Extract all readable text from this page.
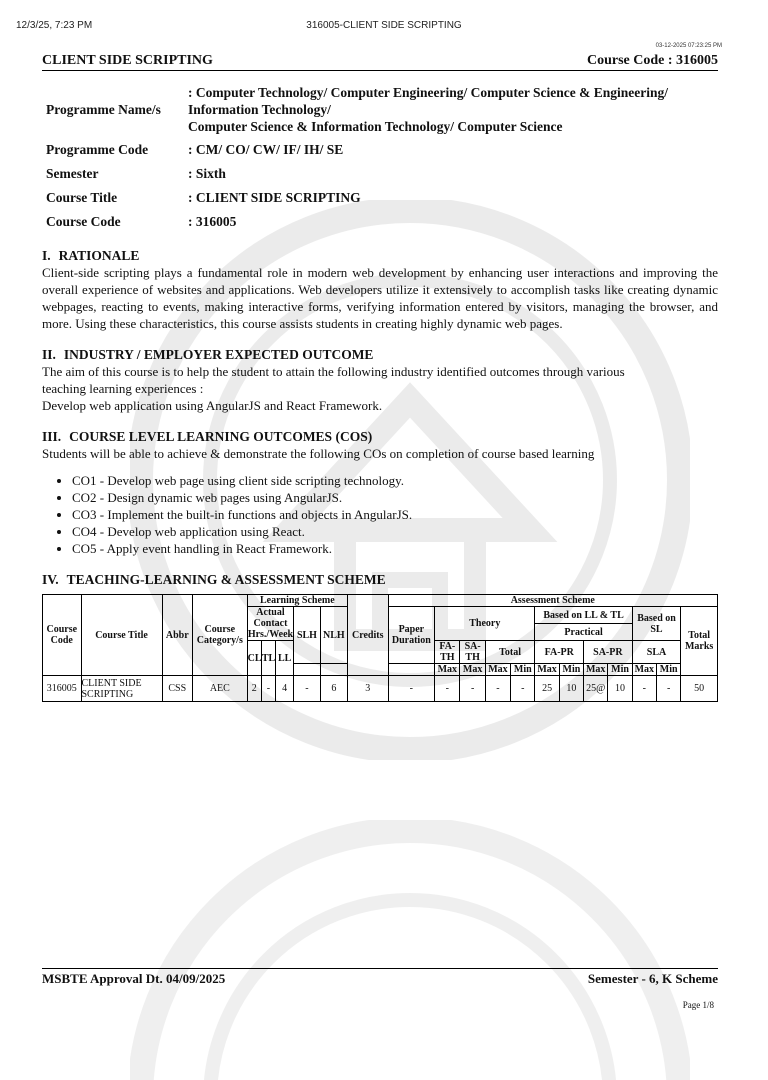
12/3/25, 7:23 PM	316005-CLIENT SIDE SCRIPTING
03-12-2025 07:23:25 PM
CLIENT SIDE SCRIPTING	Course Code : 316005
Programme Name/s	: Computer Technology/ Computer Engineering/ Computer Science & Engineering/
Information Technology/
Computer Science & Information Technology/ Computer Science
Programme Code	: CM/ CO/ CW/ IF/ IH/ SE
Semester	: Sixth
Course Title	: CLIENT SIDE SCRIPTING
Course Code	: 316005
I. RATIONALE
Client-side scripting plays a fundamental role in modern web development by enhancing user interactions and improving the overall experience of websites and applications. Web developers utilize it extensively to accomplish tasks like creating dynamic webpages, reacting to events, making interactive forms, verifying information entered by visitors, managing the browser, and more. Using these characteristics, this course assists students in creating highly dynamic web pages.
II. INDUSTRY / EMPLOYER EXPECTED OUTCOME
The aim of this course is to help the student to attain the following industry identified outcomes through various
teaching learning experiences :
Develop web application using AngularJS and React Framework.
III. COURSE LEVEL LEARNING OUTCOMES (COS)
Students will be able to achieve & demonstrate the following COs on completion of course based learning
• CO1 - Develop web page using client side scripting technology.
• CO2 - Design dynamic web pages using AngularJS.
• CO3 - Implement the built-in functions and objects in AngularJS.
• CO4 - Develop web application using React.
• CO5 - Apply event handling in React Framework.
IV. TEACHING-LEARNING & ASSESSMENT SCHEME
Course Code	Course Title	Abbr	Course Category/s	Learning Scheme					Credits	Assessment Scheme											
				Actual Contact Hrs./Week			SLH	NLH		Paper Duration	Theory				Based on LL & TL				Based on SL		Total Marks
															Practical						
				CL	TL	LL					FA-TH	SA-TH	Total		FA-PR		SA-PR		SLA		
											Max	Max	Max	Min	Max	Min	Max	Min	Max	Min	
316005	CLIENT SIDE SCRIPTING	CSS	AEC	2	-	4	-	6	3	-	-	-	-	-	25	10	25@	10	-	-	50
MSBTE Approval Dt. 04/09/2025	Semester - 6, K Scheme
Page 1/8
